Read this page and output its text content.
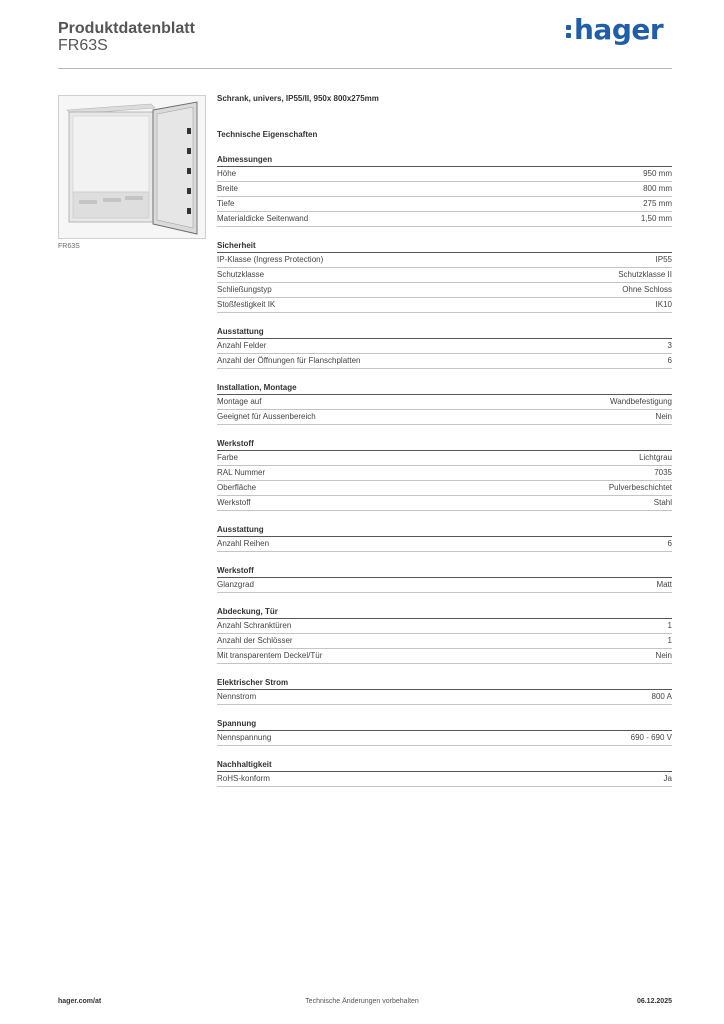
Produktdatenblatt
FR63S	hager
FR63S
Schrank, univers, IP55/II, 950x 800x275mm
Technische Eigenschaften
Abmessungen
Höhe	950 mm
Breite	800 mm
Tiefe	275 mm
Materialdicke Seitenwand	1,50 mm
Sicherheit
IP-Klasse (Ingress Protection)	IP55
Schutzklasse	Schutzklasse II
Schließungstyp	Ohne Schloss
Stoßfestigkeit IK	IK10
Ausstattung
Anzahl Felder	3
Anzahl der Öffnungen für Flanschplatten	6
Installation, Montage
Montage auf	Wandbefestigung
Geeignet für Aussenbereich	Nein
Werkstoff
Farbe	Lichtgrau
RAL Nummer	7035
Oberfläche	Pulverbeschichtet
Werkstoff	Stahl
Ausstattung
Anzahl Reihen	6
Werkstoff
Glanzgrad	Matt
Abdeckung, Tür
Anzahl Schranktüren	1
Anzahl der Schlösser	1
Mit transparentem Deckel/Tür	Nein
Elektrischer Strom
Nennstrom	800 A
Spannung
Nennspannung	690 - 690 V
Nachhaltigkeit
RoHS-konform	Ja
hager.com/at	Technische Änderungen vorbehalten	06.12.2025
